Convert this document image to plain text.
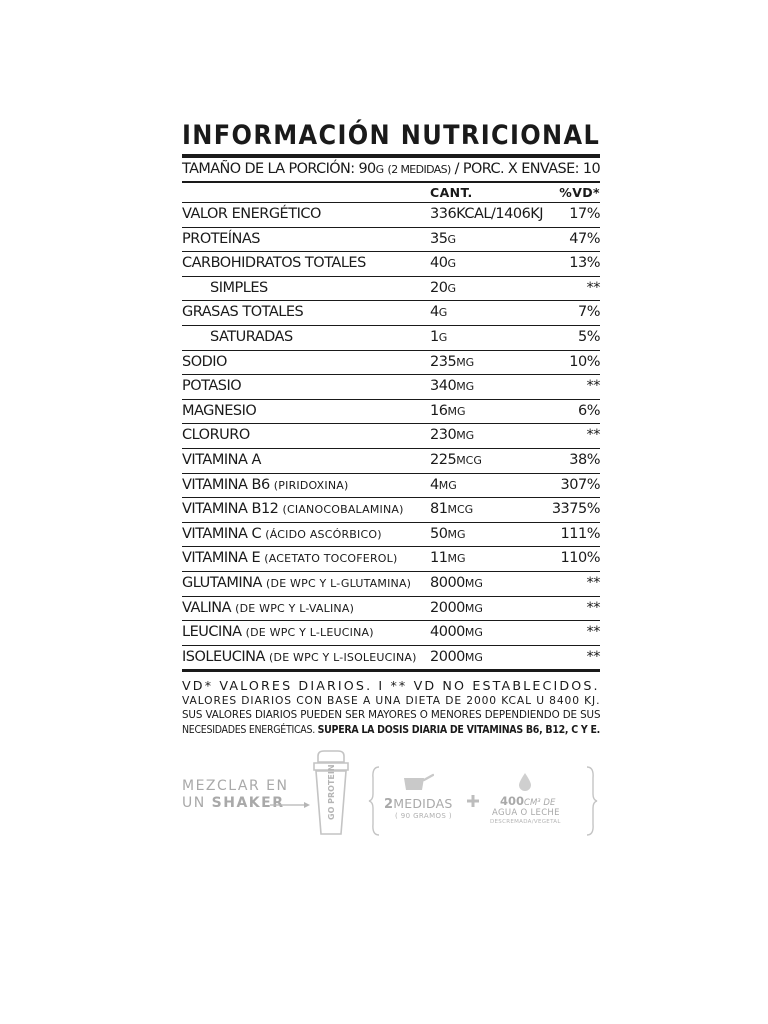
INFORMACIÓN NUTRICIONAL
TAMAÑO DE LA PORCIÓN: 90G (2 MEDIDAS) / PORC. X ENVASE: 10
CANT.	%VD*
VALOR ENERGÉTICO	336KCAL/1406KJ 17%
PROTEÍNAS	35G	47%
CARBOHIDRATOS TOTALES	40G	13%
SIMPLES	20G	**
GRASAS TOTALES	4G	7%
SATURADAS	1G	5%
SODIO	235MG	10%
POTASIO	340MG	**
MAGNESIO	16MG	6%
CLORURO	230MG	**
VITAMINA A	225MCG	38%
VITAMINA B6 (PIRIDOXINA)	4MG	307%
VITAMINA B12 (CIANOCOBALAMINA) 81MCG	3375%
VITAMINA C (ÁCIDO ASCÓRBICO)	50MG	111%
VITAMINA E (ACETATO TOCOFEROL) 11MG	110%
GLUTAMINA (DE WPC Y L-GLUTAMINA) 8000MG	**
VALINA (DE WPC Y L-VALINA)	2000MG	**
LEUCINA (DE WPC Y L-LEUCINA)	4000MG	**
ISOLEUCINA (DE WPC Y L-ISOLEUCINA) 2000MG	**
VD* VALORES DIARIOS. I ** VD NO ESTABLECIDOS.
VALORES DIARIOS CON BASE A UNA DIETA DE 2000 KCAL U 8400 KJ.
SUS VALORES DIARIOS PUEDEN SER MAYORES O MENORES DEPENDIENDO DE SUS
NECESIDADES ENERGÉTICAS. SUPERA LA DOSIS DIARIA DE VITAMINAS B6, B12, C Y E.
MEZCLAR EN
UN SHAKER	GO PROTEIN	2MEDIDAS
( 90 GRAMOS )
400CM³ DE
AGUA O LECHE
DESCREMADA/VEGETAL
